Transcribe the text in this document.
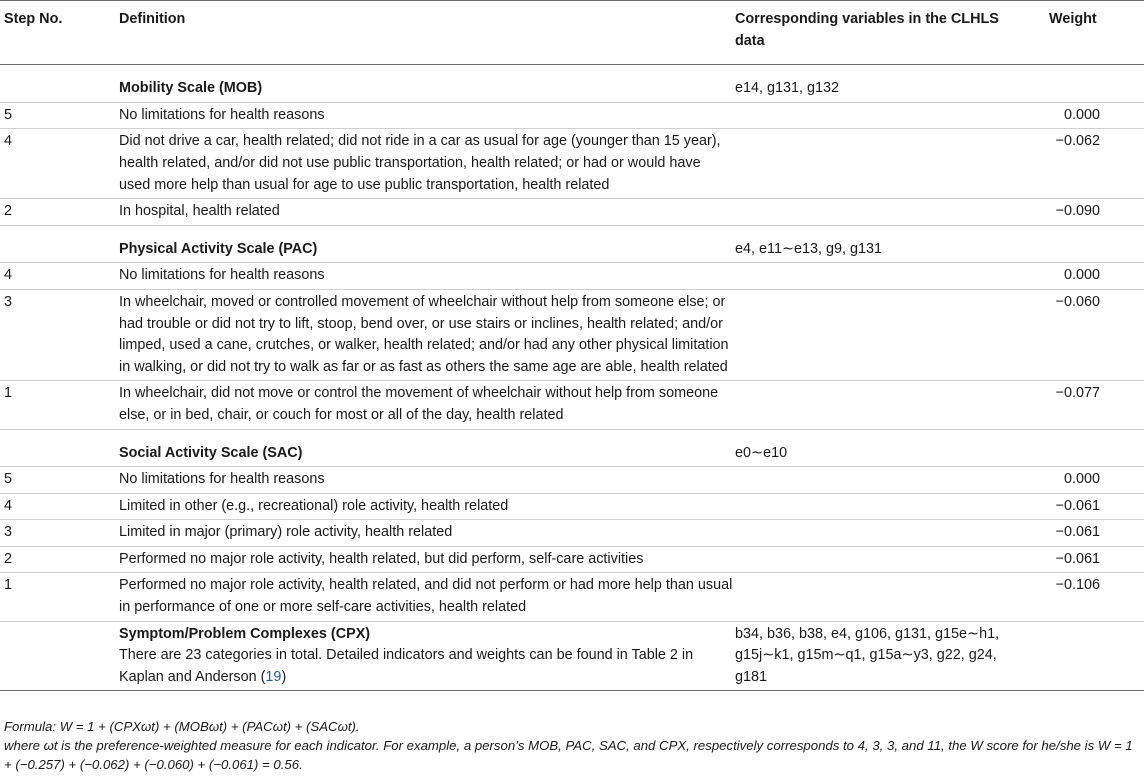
Step No.	Definition	Corresponding variables in the CLHLS data	Weight
	Mobility Scale (MOB)	e14, g131, g132	
5	No limitations for health reasons		0.000
4	Did not drive a car, health related; did not ride in a car as usual for age (younger than 15 year), health related, and/or did not use public transportation, health related; or had or would have used more help than usual for age to use public transportation, health related		−0.062
2	In hospital, health related		−0.090
	Physical Activity Scale (PAC)	e4, e11∼e13, g9, g131	
4	No limitations for health reasons		0.000
3	In wheelchair, moved or controlled movement of wheelchair without help from someone else; or had trouble or did not try to lift, stoop, bend over, or use stairs or inclines, health related; and/or limped, used a cane, crutches, or walker, health related; and/or had any other physical limitation in walking, or did not try to walk as far or as fast as others the same age are able, health related		−0.060
1	In wheelchair, did not move or control the movement of wheelchair without help from someone else, or in bed, chair, or couch for most or all of the day, health related		−0.077
	Social Activity Scale (SAC)	e0∼e10	
5	No limitations for health reasons		0.000
4	Limited in other (e.g., recreational) role activity, health related		−0.061
3	Limited in major (primary) role activity, health related		−0.061
2	Performed no major role activity, health related, but did perform, self-care activities		−0.061
1	Performed no major role activity, health related, and did not perform or had more help than usual in performance of one or more self-care activities, health related		−0.106

	Symptom/Problem Complexes (CPX)
There are 23 categories in total. Detailed indicators and weights can be found in Table 2 in Kaplan and Anderson (19)	b34, b36, b38, e4, g106, g131, g15e∼h1, g15j∼k1, g15m∼q1, g15a∼y3, g22, g24, g181	
Formula: W = 1 + (CPXωt) + (MOBωt) + (PACωt) + (SACωt).
where ωt is the preference-weighted measure for each indicator. For example, a person’s MOB, PAC, SAC, and CPX, respectively corresponds to 4, 3, 3, and 11, the W score for he/she is W = 1 + (−0.257) + (−0.062) + (−0.060) + (−0.061) = 0.56.
